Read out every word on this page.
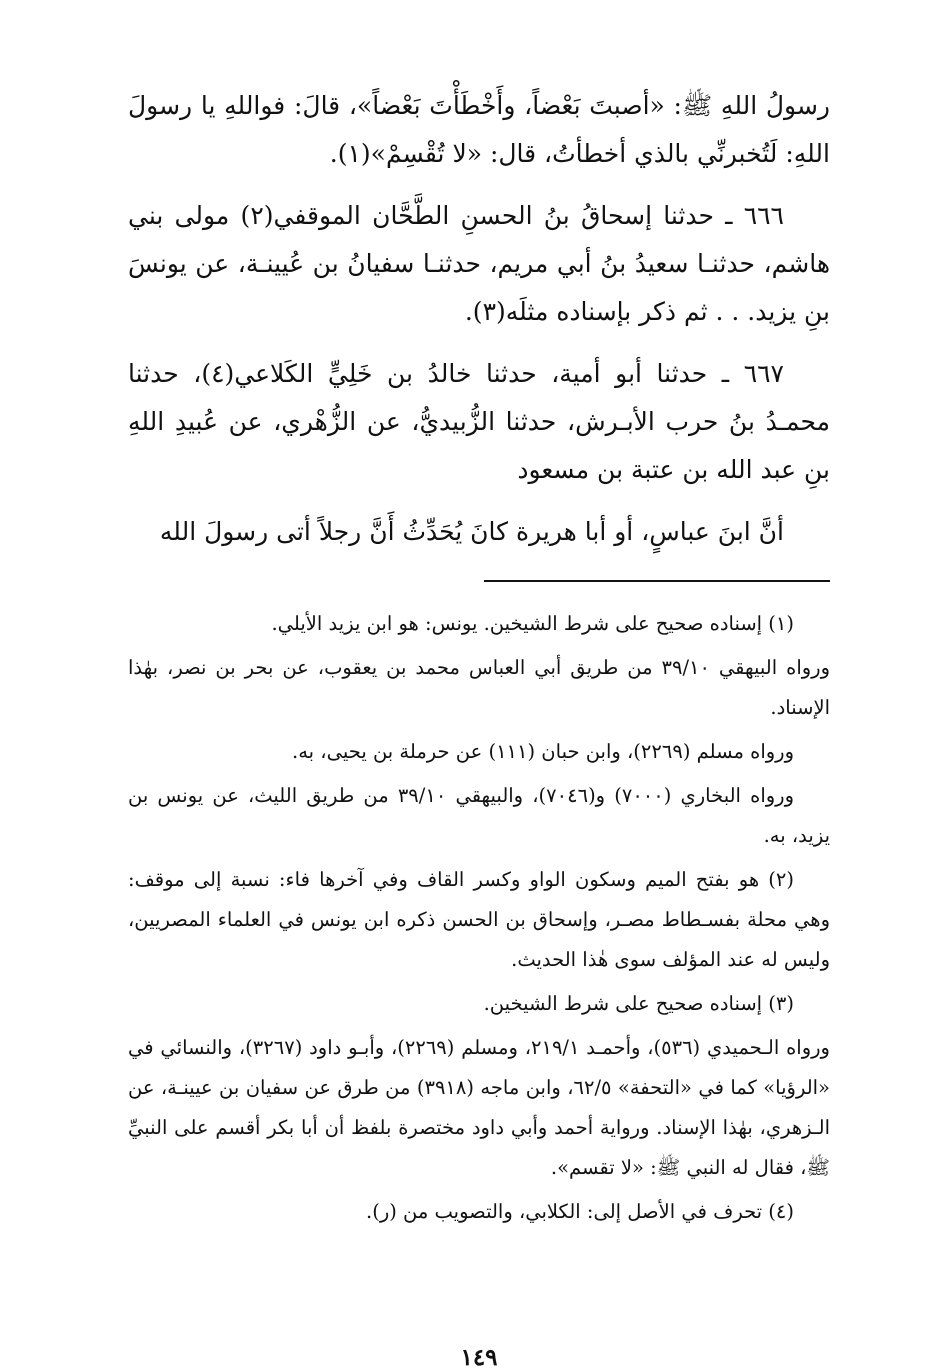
رسولُ اللهِ ﷺ: «أصبتَ بَعْضاً، وأَخْطَأْتَ بَعْضاً»، قالَ: فواللهِ يا رسولَ اللهِ: لَتُخبرنِّي بالذي أخطأتُ، قال: «لا تُقْسِمْ»(١).

٦٦٦ ـ حدثنا إسحاقُ بنُ الحسنِ الطَّحَّان الموقفي(٢) مولى بني هاشم، حدثنـا سعيدُ بنُ أبي مريم، حدثنـا سفيانُ بن عُيينـة، عن يونسَ بنِ يزيد. . . ثم ذكر بإسناده مثلَه(٣).

٦٦٧ ـ حدثنا أبو أمية، حدثنا خالدُ بن خَلِيٍّ الكَلاعي(٤)، حدثنا محمـدُ بنُ حرب الأبـرش، حدثنا الزُّبيديُّ، عن الزُّهْري، عن عُبيدِ اللهِ بنِ عبد الله بن عتبة بن مسعود

أنَّ ابنَ عباسٍ، أو أبا هريرة كانَ يُحَدِّثُ أَنَّ رجلاً أتى رسولَ الله

(١) إسناده صحيح على شرط الشيخين. يونس: هو ابن يزيد الأيلي.

ورواه البيهقي ٣٩/١٠ من طريق أبي العباس محمد بن يعقوب، عن بحر بن نصر، بهٰذا الإسناد.

ورواه مسلم (٢٢٦٩)، وابن حبان (١١١) عن حرملة بن يحيى، به.

ورواه البخاري (٧٠٠٠) و(٧٠٤٦)، والبيهقي ٣٩/١٠ من طريق الليث، عن يونس بن يزيد، به.

(٢) هو بفتح الميم وسكون الواو وكسر القاف وفي آخرها فاء: نسبة إلى موقف: وهي محلة بفسـطاط مصـر، وإسحاق بن الحسن ذكره ابن يونس في العلماء المصريين، وليس له عند المؤلف سوى هٰذا الحديث.

(٣) إسناده صحيح على شرط الشيخين.

ورواه الـحميدي (٥٣٦)، وأحمـد ٢١٩/١، ومسلم (٢٢٦٩)، وأبـو داود (٣٢٦٧)، والنسائي في «الرؤيا» كما في «التحفة» ٦٢/٥، وابن ماجه (٣٩١٨) من طرق عن سفيان بن عيينـة، عن الـزهري، بهٰذا الإسناد. ورواية أحمد وأبي داود مختصرة بلفظ أن أبا بكر أقسم على النبيِّ ﷺ، فقال له النبي ﷺ: «لا تقسم».

(٤) تحرف في الأصل إلى: الكلابي، والتصويب من (ر).

١٤٩
